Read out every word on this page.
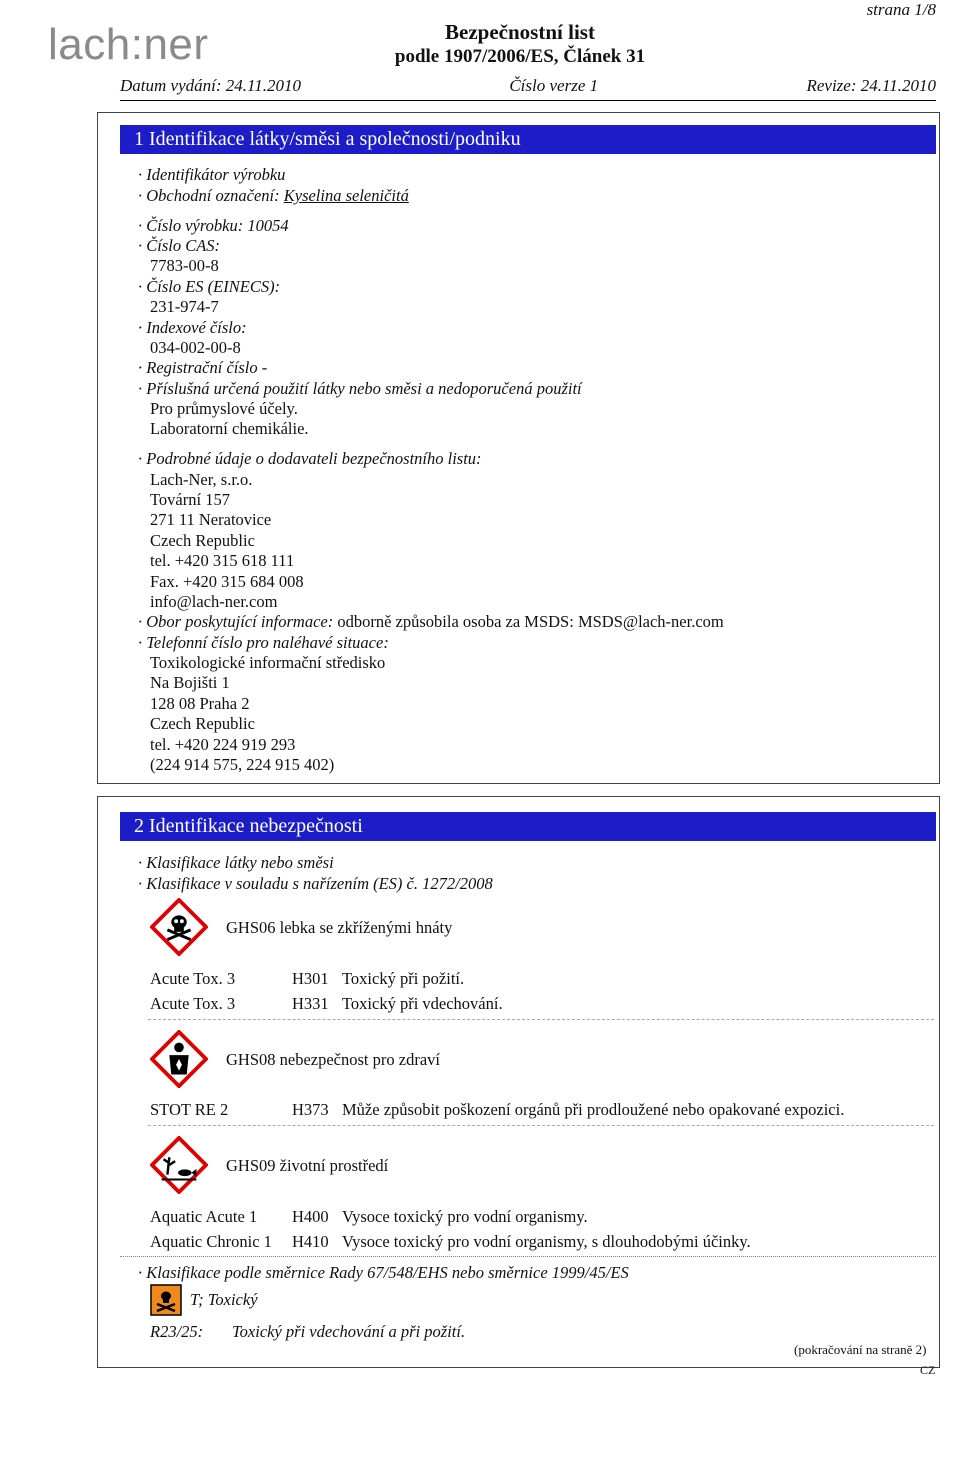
lach:ner
strana 1/8
Bezpečnostní list
podle 1907/2006/ES, Článek 31
Datum vydání: 24.11.2010	Číslo verze 1	Revize: 24.11.2010
1 Identifikace látky/směsi a společnosti/podniku
· Identifikátor výrobku
· Obchodní označení: Kyselina seleničitá
· Číslo výrobku: 10054
· Číslo CAS:
7783-00-8
· Číslo ES (EINECS):
231-974-7
· Indexové číslo:
034-002-00-8
· Registrační číslo -
· Příslušná určená použití látky nebo směsi a nedoporučená použití
Pro průmyslové účely.
Laboratorní chemikálie.
· Podrobné údaje o dodavateli bezpečnostního listu:
Lach-Ner, s.r.o.
Tovární 157
271 11 Neratovice
Czech Republic
tel. +420 315 618 111
Fax. +420 315 684 008
info@lach-ner.com
· Obor poskytující informace: odborně způsobila osoba za MSDS: MSDS@lach-ner.com
· Telefonní číslo pro naléhavé situace:
Toxikologické informační středisko
Na Bojišti 1
128 08 Praha 2
Czech Republic
tel. +420 224 919 293
(224 914 575, 224 915 402)
2 Identifikace nebezpečnosti
· Klasifikace látky nebo směsi
· Klasifikace v souladu s nařízením (ES) č. 1272/2008
GHS06 lebka se zkříženými hnáty
Acute Tox. 3	H301 Toxický při požití.
Acute Tox. 3	H331 Toxický při vdechování.
GHS08 nebezpečnost pro zdraví
STOT RE 2	H373 Může způsobit poškození orgánů při prodloužené nebo opakované expozici.
GHS09 životní prostředí
Aquatic Acute 1 H400 Vysoce toxický pro vodní organismy.
Aquatic Chronic 1 H410 Vysoce toxický pro vodní organismy, s dlouhodobými účinky.
· Klasifikace podle směrnice Rady 67/548/EHS nebo směrnice 1999/45/ES
T; Toxický
R23/25: Toxický při vdechování a při požití.
(pokračování na straně 2)
CZ
